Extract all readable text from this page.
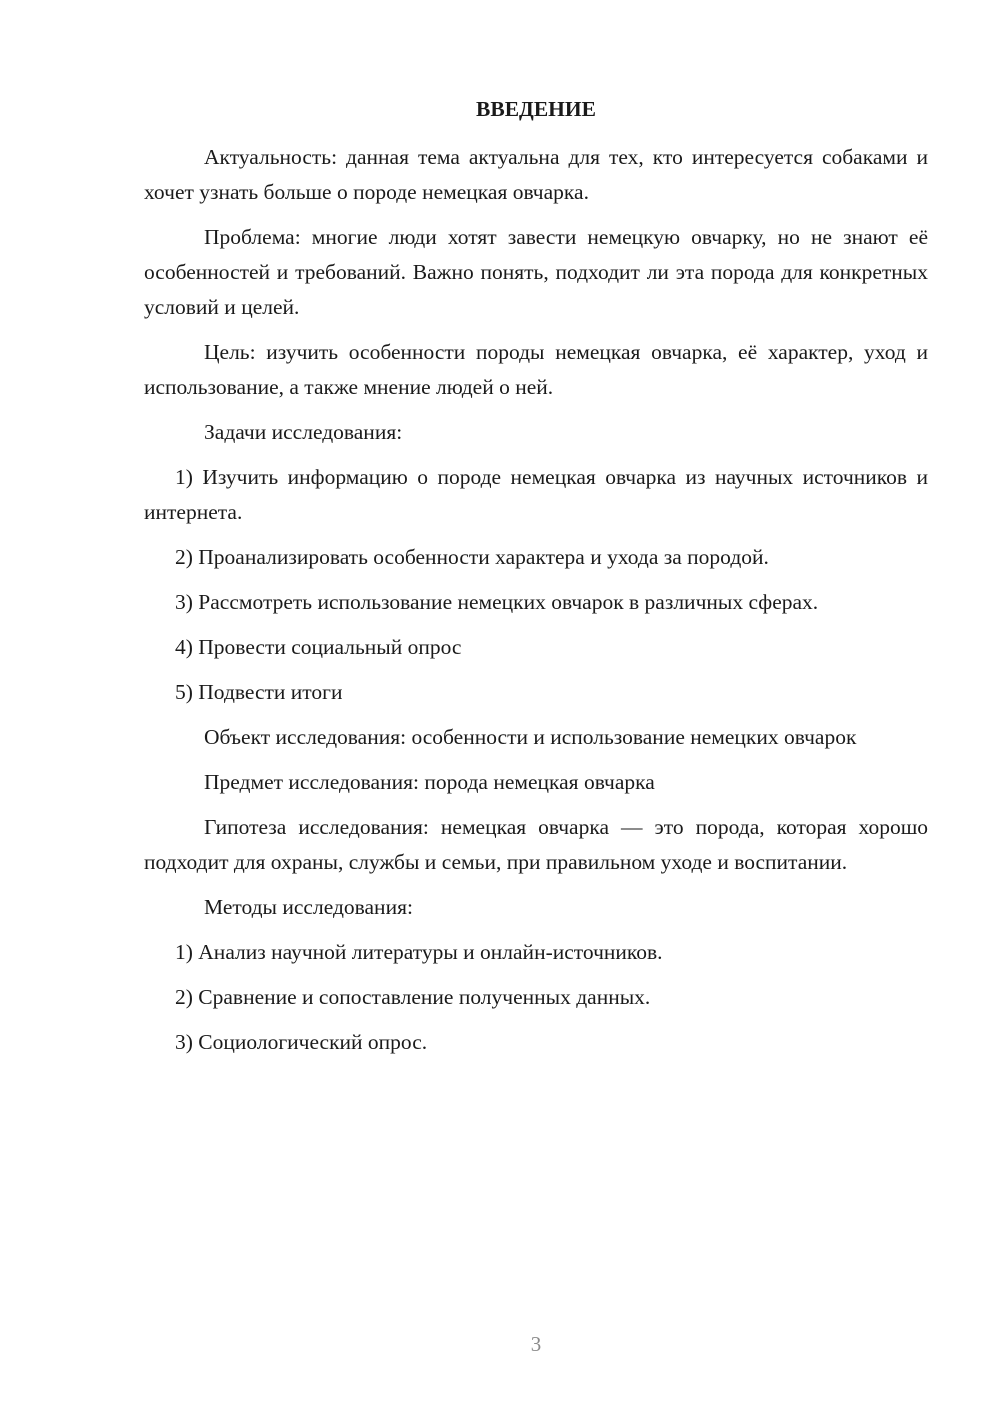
ВВЕДЕНИЕ

Актуальность: данная тема актуальна для тех, кто интересуется собаками и хочет узнать больше о породе немецкая овчарка.

Проблема: многие люди хотят завести немецкую овчарку, но не знают её особенностей и требований. Важно понять, подходит ли эта порода для конкретных условий и целей.

Цель: изучить особенности породы немецкая овчарка, её характер, уход и использование, а также мнение людей о ней.

Задачи исследования:

1) Изучить информацию о породе немецкая овчарка из научных источников и интернета.

2) Проанализировать особенности характера и ухода за породой.

3) Рассмотреть использование немецких овчарок в различных сферах.

4) Провести социальный опрос

5) Подвести итоги

Объект исследования: особенности и использование немецких овчарок

Предмет исследования: порода немецкая овчарка

Гипотеза исследования: немецкая овчарка — это порода, которая хорошо подходит для охраны, службы и семьи, при правильном уходе и воспитании.

Методы исследования:

1) Анализ научной литературы и онлайн-источников.

2) Сравнение и сопоставление полученных данных.

3) Социологический опрос.

3
